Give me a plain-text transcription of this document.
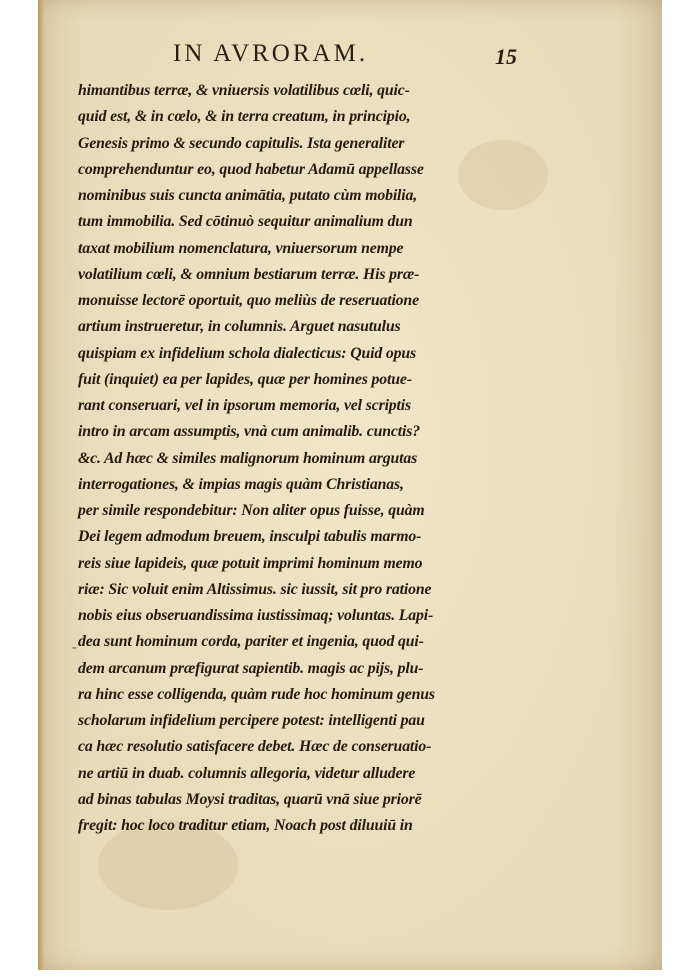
IN AVRORAM.	15
-
himantibus terræ, & vniuersis volatilibus cœli, quic-
quid est, & in cœlo, & in terra creatum, in principio,
Genesis primo & secundo capitulis. Ista generaliter
comprehenduntur eo, quod habetur Adamū appellasse
nominibus suis cuncta animātia, putato cùm mobilia,
tum immobilia. Sed cōtinuò sequitur animalium dun
taxat mobilium nomenclatura, vniuersorum nempe
volatilium cœli, & omnium bestiarum terræ. His præ-
monuisse lectorē oportuit, quo meliùs de reseruatione
artium instrueretur, in columnis. Arguet nasutulus
quispiam ex infidelium schola dialecticus: Quid opus
fuit (inquiet) ea per lapides, quæ per homines potue-
rant conseruari, vel in ipsorum memoria, vel scriptis
intro in arcam assumptis, vnà cum animalib. cunctis?
&c. Ad hæc & similes malignorum hominum argutas
interrogationes, & impias magis quàm Christianas,
per simile respondebitur: Non aliter opus fuisse, quàm
Dei legem admodum breuem, insculpi tabulis marmo-
reis siue lapideis, quæ potuit imprimi hominum memo
riæ: Sic voluit enim Altissimus. sic iussit, sit pro ratione
nobis eius obseruandissima iustissimaq; voluntas. Lapi-
dea sunt hominum corda, pariter et ingenia, quod qui-
dem arcanum præfigurat sapientib. magis ac pijs, plu-
ra hinc esse colligenda, quàm rude hoc hominum genus
scholarum infidelium percipere potest: intelligenti pau
ca hæc resolutio satisfacere debet. Hæc de conseruatio-
ne artiū in duab. columnis allegoria, videtur alludere
ad binas tabulas Moysi traditas, quarū vnā siue priorē
fregit: hoc loco traditur etiam, Noach post diluuiū in
